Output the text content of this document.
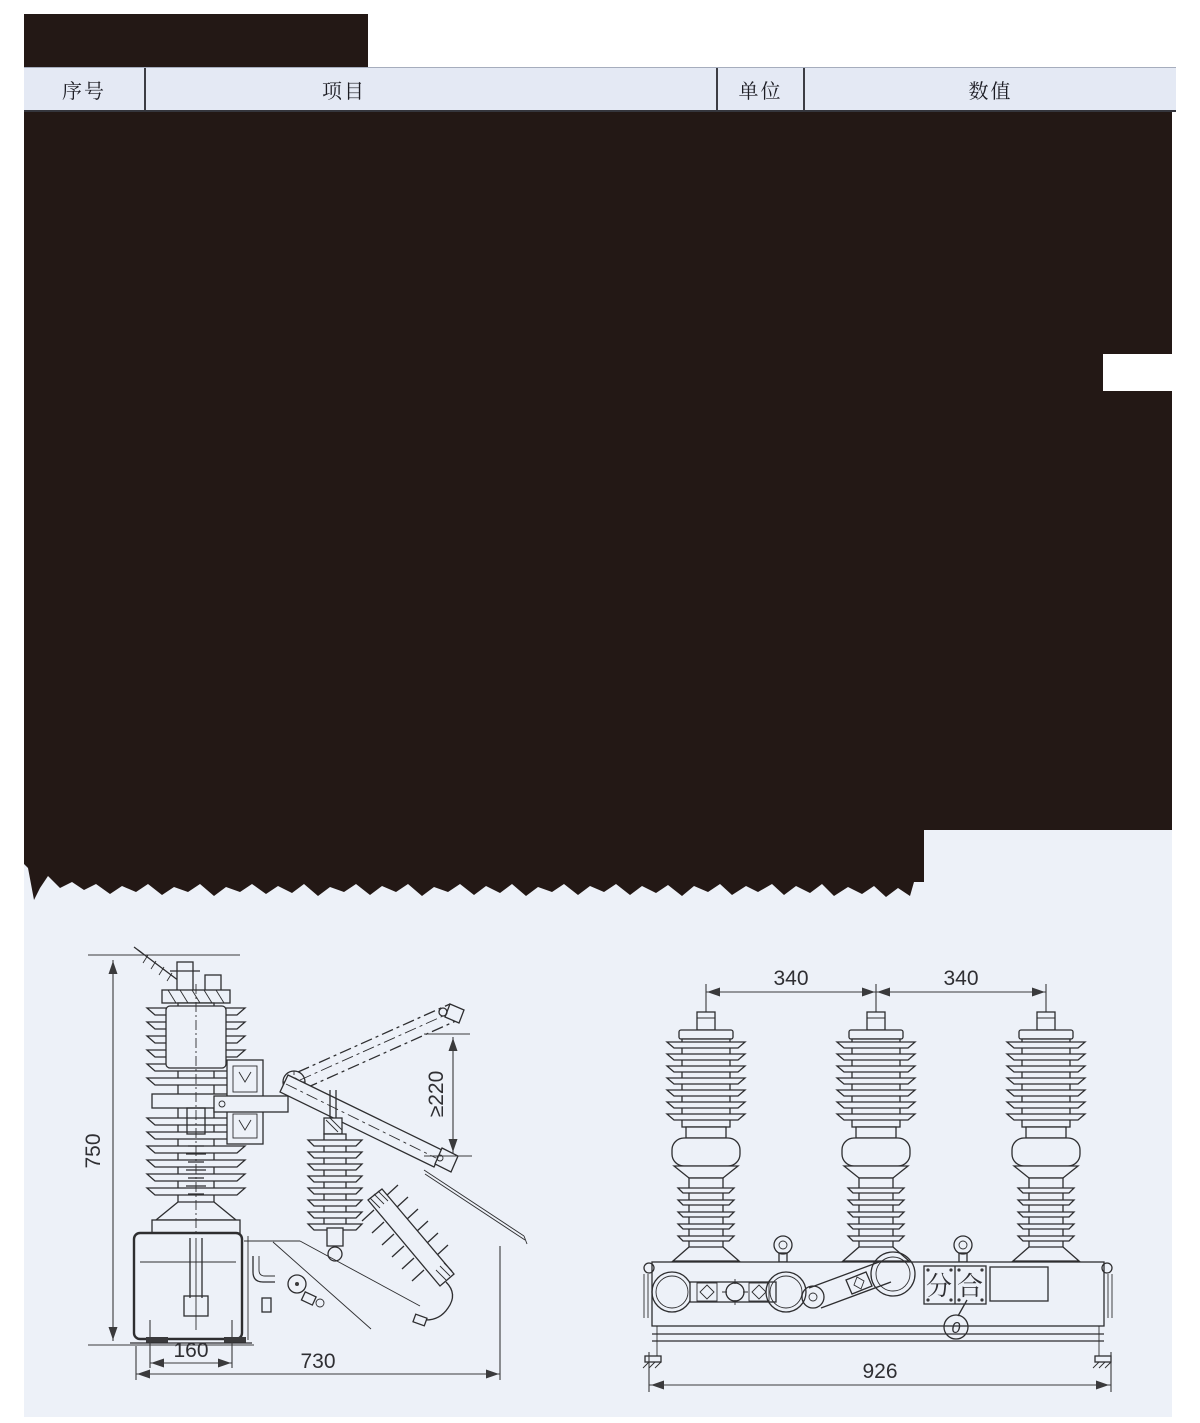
序号	项目	单位	数值
750
≥220
160	730
340	340
分 合
0
926
